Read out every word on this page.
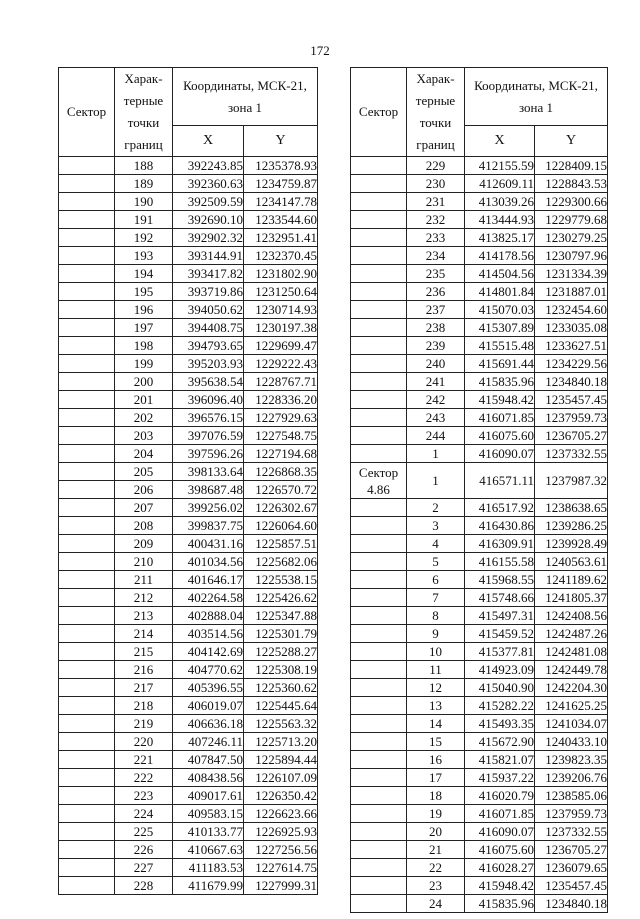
172
Сектор	Харак-терные точки границ	Координаты, МСК-21, зона 1	
		X	Y
	188	392243.85	1235378.93
	189	392360.63	1234759.87
	190	392509.59	1234147.78
	191	392690.10	1233544.60
	192	392902.32	1232951.41
	193	393144.91	1232370.45
	194	393417.82	1231802.90
	195	393719.86	1231250.64
	196	394050.62	1230714.93
	197	394408.75	1230197.38
	198	394793.65	1229699.47
	199	395203.93	1229222.43
	200	395638.54	1228767.71
	201	396096.40	1228336.20
	202	396576.15	1227929.63
	203	397076.59	1227548.75
	204	397596.26	1227194.68
	205	398133.64	1226868.35
	206	398687.48	1226570.72
	207	399256.02	1226302.67
	208	399837.75	1226064.60
	209	400431.16	1225857.51
	210	401034.56	1225682.06
	211	401646.17	1225538.15
	212	402264.58	1225426.62
	213	402888.04	1225347.88
	214	403514.56	1225301.79
	215	404142.69	1225288.27
	216	404770.62	1225308.19
	217	405396.55	1225360.62
	218	406019.07	1225445.64
	219	406636.18	1225563.32
	220	407246.11	1225713.20
	221	407847.50	1225894.44
	222	408438.56	1226107.09
	223	409017.61	1226350.42
	224	409583.15	1226623.66
	225	410133.77	1226925.93
	226	410667.63	1227256.56
	227	411183.53	1227614.75
	228	411679.99	1227999.31
Сектор	Харак-терные точки границ	Координаты, МСК-21, зона 1	
		X	Y
	229	412155.59	1228409.15
	230	412609.11	1228843.53
	231	413039.26	1229300.66
	232	413444.93	1229779.68
	233	413825.17	1230279.25
	234	414178.56	1230797.96
	235	414504.56	1231334.39
	236	414801.84	1231887.01
	237	415070.03	1232454.60
	238	415307.89	1233035.08
	239	415515.48	1233627.51
	240	415691.44	1234229.56
	241	415835.96	1234840.18
	242	415948.42	1235457.45
	243	416071.85	1237959.73
	244	416075.60	1236705.27
	1	416090.07	1237332.55
Сектор 4.86	1	416571.11	1237987.32
	2	416517.92	1238638.65
	3	416430.86	1239286.25
	4	416309.91	1239928.49
	5	416155.58	1240563.61
	6	415968.55	1241189.62
	7	415748.66	1241805.37
	8	415497.31	1242408.56
	9	415459.52	1242487.26
	10	415377.81	1242481.08
	11	414923.09	1242449.78
	12	415040.90	1242204.30
	13	415282.22	1241625.25
	14	415493.35	1241034.07
	15	415672.90	1240433.10
	16	415821.07	1239823.35
	17	415937.22	1239206.76
	18	416020.79	1238585.06
	19	416071.85	1237959.73
	20	416090.07	1237332.55
	21	416075.60	1236705.27
	22	416028.27	1236079.65
	23	415948.42	1235457.45
	24	415835.96	1234840.18
